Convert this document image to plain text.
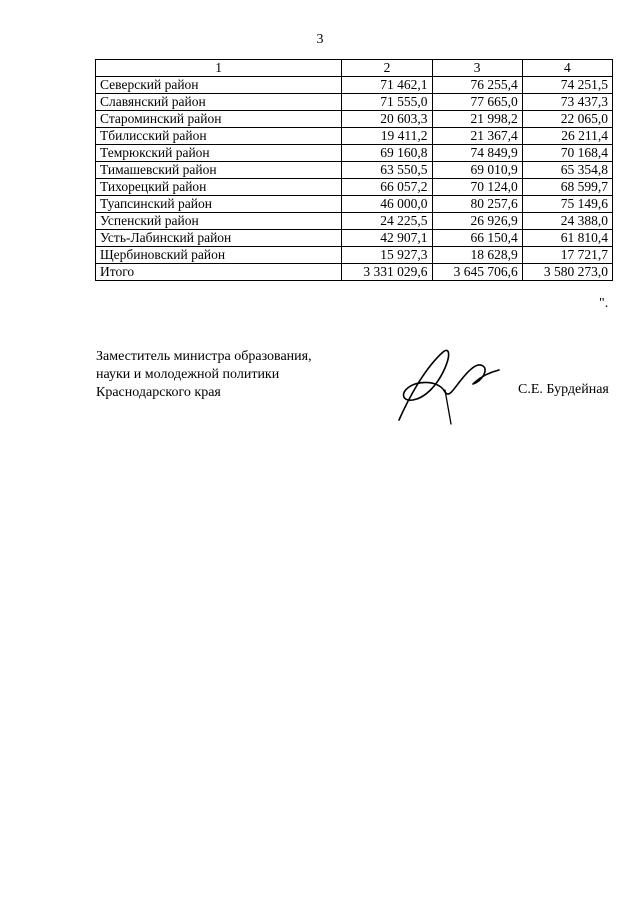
3
1	2	3	4
Северский район	71 462,1	76 255,4	74 251,5
Славянский район	71 555,0	77 665,0	73 437,3
Староминский район	20 603,3	21 998,2	22 065,0
Тбилисский район	19 411,2	21 367,4	26 211,4
Темрюкский район	69 160,8	74 849,9	70 168,4
Тимашевский район	63 550,5	69 010,9	65 354,8
Тихорецкий район	66 057,2	70 124,0	68 599,7
Туапсинский район	46 000,0	80 257,6	75 149,6
Успенский район	24 225,5	26 926,9	24 388,0
Усть-Лабинский район	42 907,1	66 150,4	61 810,4
Щербиновский район	15 927,3	18 628,9	17 721,7
Итого	3 331 029,6	3 645 706,6	3 580 273,0
".
Заместитель министра образования,
науки и молодежной политики
Краснодарского края	С.Е. Бурдейная
